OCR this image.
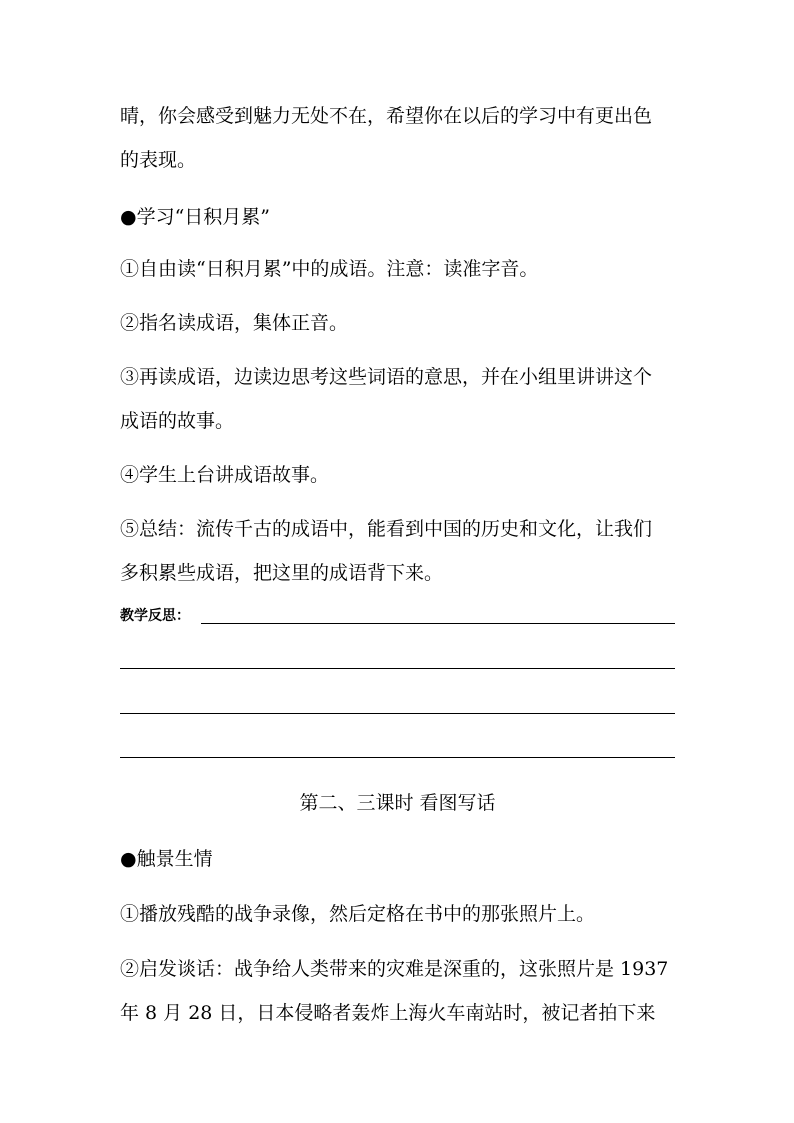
晴，你会感受到魅力无处不在，希望你在以后的学习中有更出色
的表现。
●学习“日积月累”
①自由读“日积月累”中的成语。注意：读准字音。
②指名读成语，集体正音。
③再读成语，边读边思考这些词语的意思，并在小组里讲讲这个
成语的故事。
④学生上台讲成语故事。
⑤总结：流传千古的成语中，能看到中国的历史和文化，让我们
多积累些成语，把这里的成语背下来。
教学反思：
第二、三课时 看图写话
●触景生情
①播放残酷的战争录像，然后定格在书中的那张照片上。
②启发谈话：战争给人类带来的灾难是深重的，这张照片是 1937
年 8 月 28 日，日本侵略者轰炸上海火车南站时，被记者拍下来
